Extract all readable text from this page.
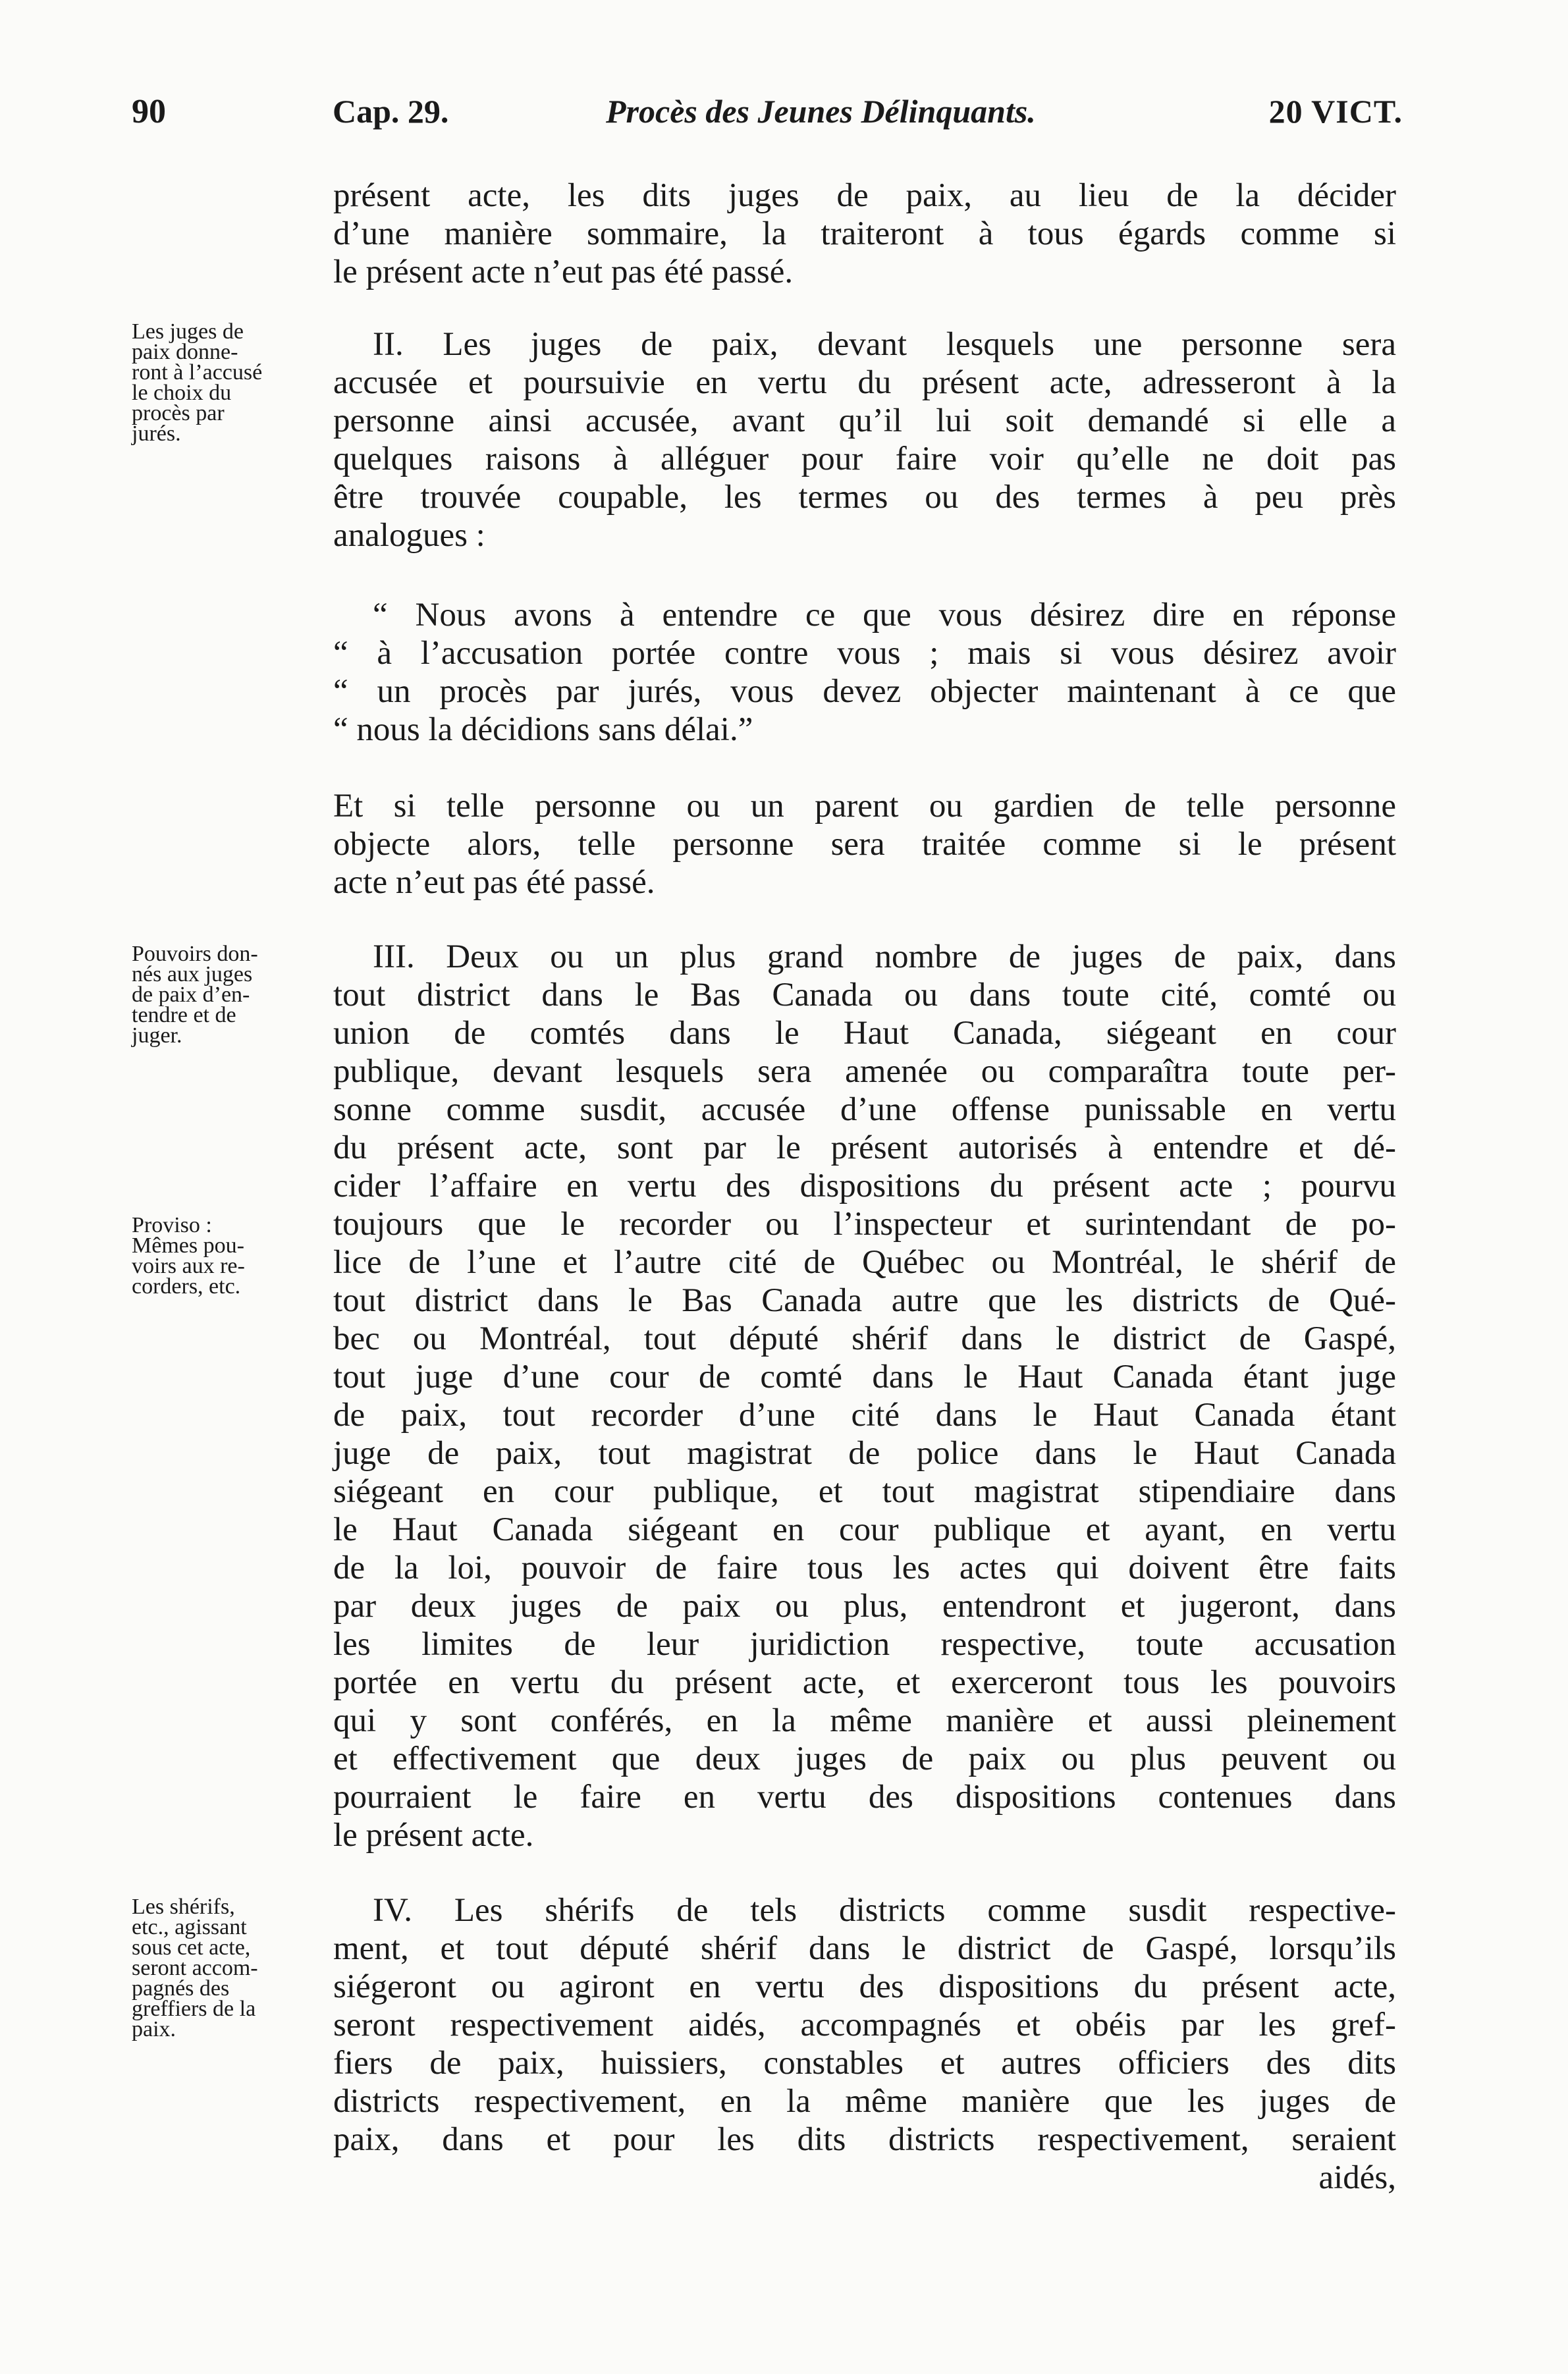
90	Cap. 29.	Procès des Jeunes Délinquants.	20 VICT.
présent acte, les dits juges de paix, au lieu de la décider
d’une manière sommaire, la traiteront à tous égards comme si
le présent acte n’eut pas été passé.
Les juges de
paix donne-
ront à l’accusé
le choix du
procès par
jurés.
II. Les juges de paix, devant lesquels une personne sera
accusée et poursuivie en vertu du présent acte, adresseront à la
personne ainsi accusée, avant qu’il lui soit demandé si elle a
quelques raisons à alléguer pour faire voir qu’elle ne doit pas
être trouvée coupable, les termes ou des termes à peu près
analogues :
“ Nous avons à entendre ce que vous désirez dire en réponse
“ à l’accusation portée contre vous ; mais si vous désirez avoir
“ un procès par jurés, vous devez objecter maintenant à ce que
“ nous la décidions sans délai.”
Et si telle personne ou un parent ou gardien de telle personne
objecte alors, telle personne sera traitée comme si le présent
acte n’eut pas été passé.
Pouvoirs don-
nés aux juges
de paix d’en-
tendre et de
juger.
Proviso :
Mêmes pou-
voirs aux re-
corders, etc.
III. Deux ou un plus grand nombre de juges de paix, dans
tout district dans le Bas Canada ou dans toute cité, comté ou
union de comtés dans le Haut Canada, siégeant en cour
publique, devant lesquels sera amenée ou comparaîtra toute per-
sonne comme susdit, accusée d’une offense punissable en vertu
du présent acte, sont par le présent autorisés à entendre et dé-
cider l’affaire en vertu des dispositions du présent acte ; pourvu
toujours que le recorder ou l’inspecteur et surintendant de po-
lice de l’une et l’autre cité de Québec ou Montréal, le shérif de
tout district dans le Bas Canada autre que les districts de Qué-
bec ou Montréal, tout député shérif dans le district de Gaspé,
tout juge d’une cour de comté dans le Haut Canada étant juge
de paix, tout recorder d’une cité dans le Haut Canada étant
juge de paix, tout magistrat de police dans le Haut Canada
siégeant en cour publique, et tout magistrat stipendiaire dans
le Haut Canada siégeant en cour publique et ayant, en vertu
de la loi, pouvoir de faire tous les actes qui doivent être faits
par deux juges de paix ou plus, entendront et jugeront, dans
les limites de leur juridiction respective, toute accusation
portée en vertu du présent acte, et exerceront tous les pouvoirs
qui y sont conférés, en la même manière et aussi pleinement
et effectivement que deux juges de paix ou plus peuvent ou
pourraient le faire en vertu des dispositions contenues dans
le présent acte.
Les shérifs,
etc., agissant
sous cet acte,
seront accom-
pagnés des
greffiers de la
paix.
IV. Les shérifs de tels districts comme susdit respective-
ment, et tout député shérif dans le district de Gaspé, lorsqu’ils
siégeront ou agiront en vertu des dispositions du présent acte,
seront respectivement aidés, accompagnés et obéis par les gref-
fiers de paix, huissiers, constables et autres officiers des dits
districts respectivement, en la même manière que les juges de
paix, dans et pour les dits districts respectivement, seraient
aidés,
